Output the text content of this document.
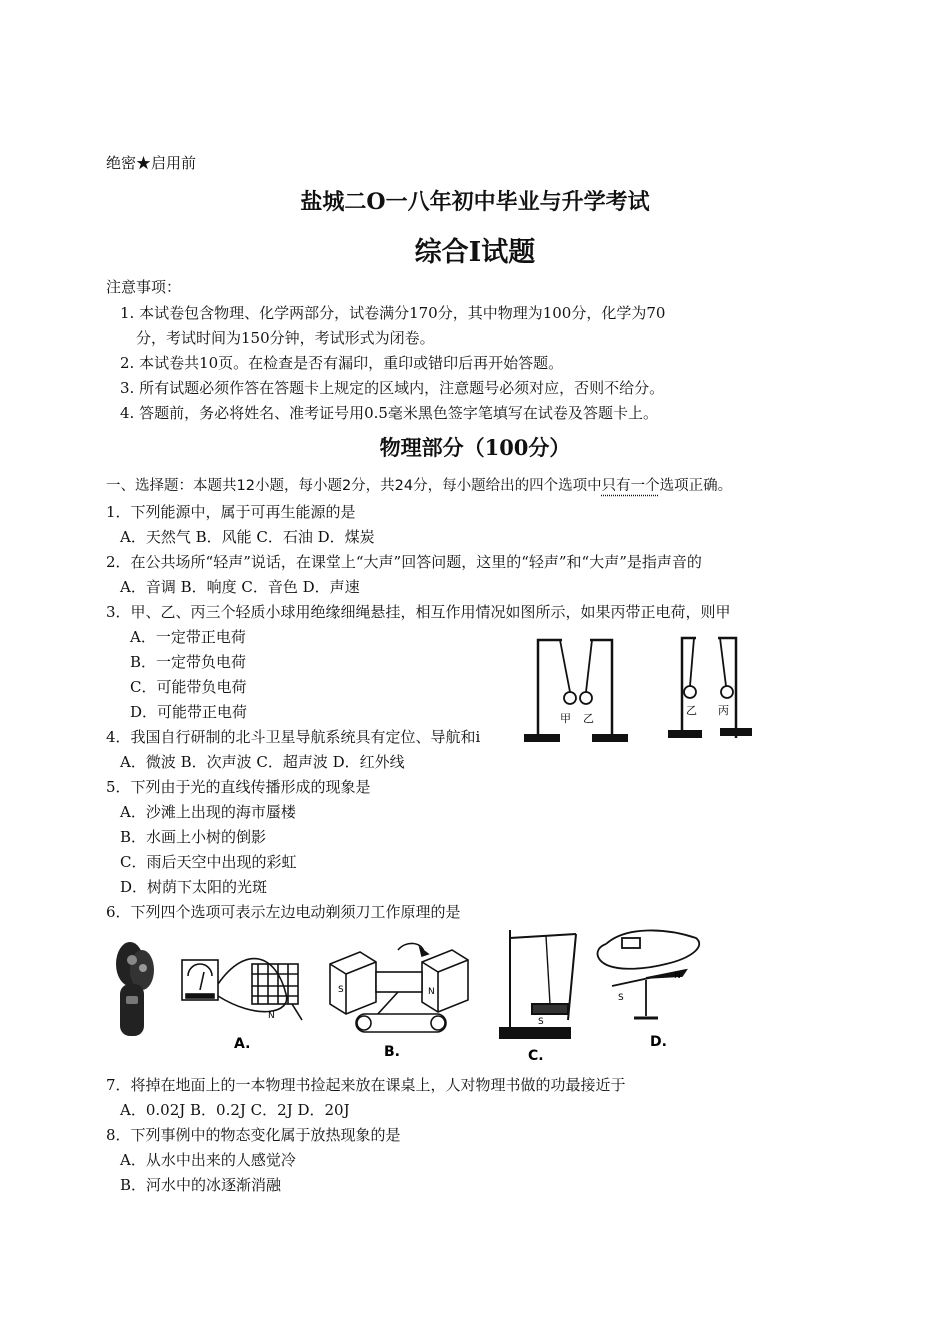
绝密★启用前
盐城二O一八年初中毕业与升学考试
综合I试题
注意事项：
1. 本试卷包含物理、化学两部分，试卷满分170分，其中物理为100分，化学为70
分，考试时间为150分钟，考试形式为闭卷。
2. 本试卷共10页。在检查是否有漏印，重印或错印后再开始答题。
3. 所有试题必须作答在答题卡上规定的区域内，注意题号必须对应，否则不给分。
4. 答题前，务必将姓名、准考证号用0.5毫米黑色签字笔填写在试卷及答题卡上。
物理部分（100分）
一、选择题：本题共12小题，每小题2分，共24分，每小题给出的四个选项中只有一个选项正确。
1．下列能源中，属于可再生能源的是
A．天然气 B．风能 C．石油 D．煤炭
2．在公共场所“轻声”说话，在课堂上“大声”回答问题，这里的“轻声”和“大声”是指声音的
A．音调 B．响度 C．音色 D．声速
3．甲、乙、丙三个轻质小球用绝缘细绳悬挂，相互作用情况如图所示，如果丙带正电荷，则甲
A．一定带正电荷
B．一定带负电荷
C．可能带负电荷
D．可能带正电荷	甲 乙
乙 丙
4．我国自行研制的北斗卫星导航系统具有定位、导航和i
A．微波 B．次声波 C．超声波 D．红外线
5．下列由于光的直线传播形成的现象是
A．沙滩上出现的海市蜃楼
B．水画上小树的倒影
C．雨后天空中出现的彩虹
D．树荫下太阳的光斑
6．下列四个选项可表示左边电动剃须刀工作原理的是
N
A.
S	N
B.
S
C.
S
N
D.
7．将掉在地面上的一本物理书捡起来放在课桌上，人对物理书做的功最接近于
A．0.02J B．0.2J C．2J D．20J
8．下列事例中的物态变化属于放热现象的是
A．从水中出来的人感觉冷
B．河水中的冰逐渐消融
